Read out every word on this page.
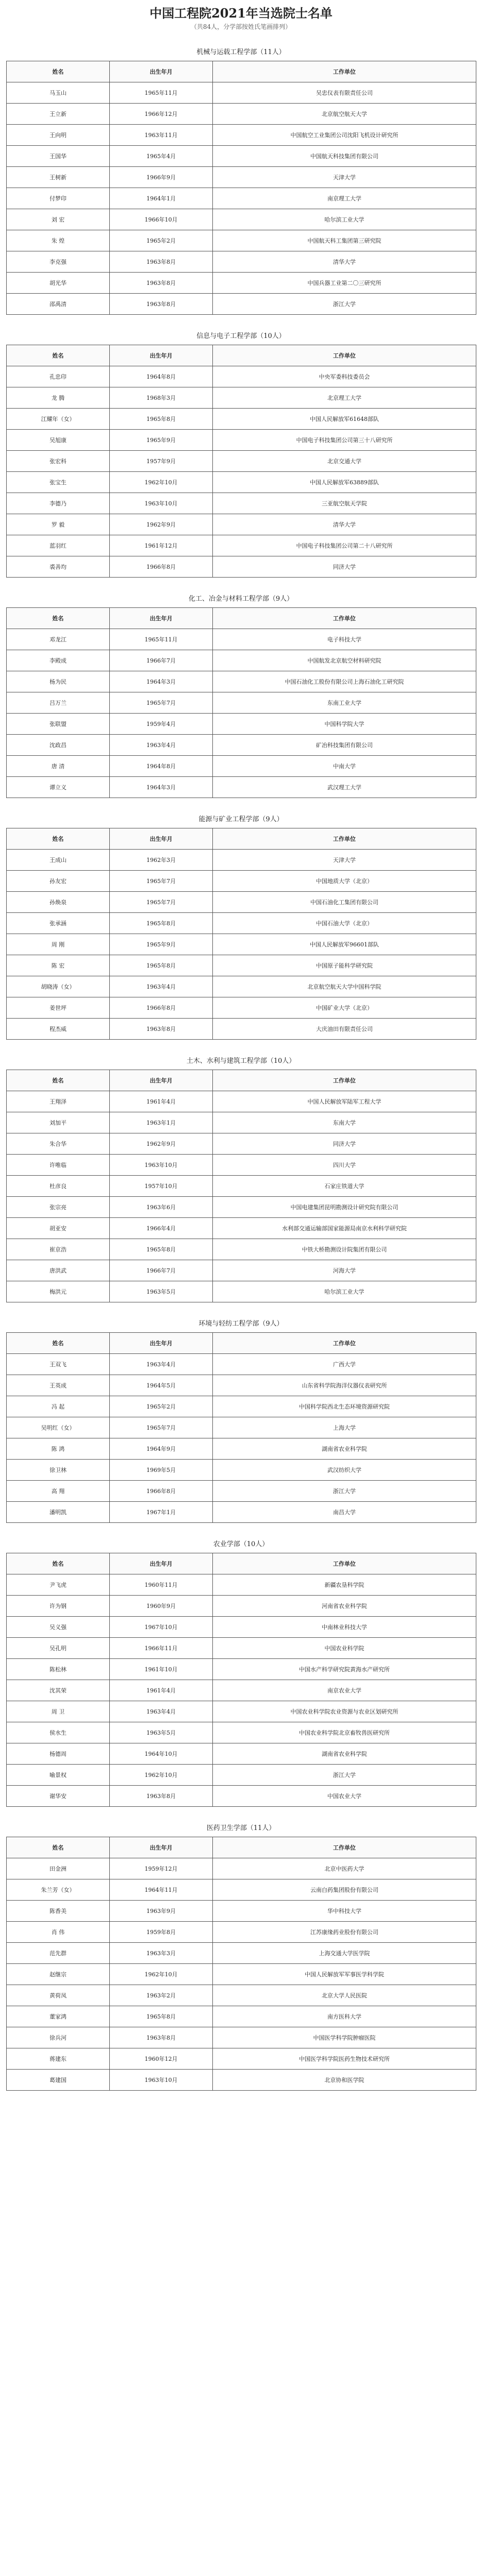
中国工程院2021年当选院士名单

（共84人，分学部按姓氏笔画排列）

机械与运载工程学部（11人）
姓名	出生年月	工作单位
马玉山	1965年11月	吴忠仪表有限责任公司
王立新	1966年12月	北京航空航天大学
王向明	1963年11月	中国航空工业集团公司沈阳飞机设计研究所
王国华	1965年4月	中国航天科技集团有限公司
王树新	1966年9月	天津大学
付梦印	1964年1月	南京理工大学
刘 宏	1966年10月	哈尔滨工业大学
朱 煌	1965年2月	中国航天科工集团第三研究院
李克强	1963年8月	清华大学
胡光华	1963年8月	中国兵器工业第二〇三研究所
邵禹清	1963年8月	浙江大学
信息与电子工程学部（10人）
姓名	出生年月	工作单位
孔忠印	1964年8月	中央军委科技委员会
龙 腾	1968年3月	北京理工大学
江耀年（女）	1965年8月	中国人民解放军61648部队
吴旭康	1965年9月	中国电子科技集团公司第三十八研究所
张宏科	1957年9月	北京交通大学
张宝生	1962年10月	中国人民解放军63889部队
李德乃	1963年10月	三亚航空航天学院
罗 毅	1962年9月	清华大学
蓝羽红	1961年12月	中国电子科技集团公司第二十八研究所
裘善均	1966年8月	同济大学
化工、冶金与材料工程学部（9人）
姓名	出生年月	工作单位
邓龙江	1965年11月	电子科技大学
李殿成	1966年7月	中国航发北京航空材料研究院
杨为民	1964年3月	中国石油化工股份有限公司上海石油化工研究院
吕万兰	1965年7月	东南工业大学
张联盟	1959年4月	中国科学院大学
沈政昌	1963年4月	矿冶科技集团有限公司
唐 清	1964年8月	中南大学
谭立义	1964年3月	武汉理工大学
能源与矿业工程学部（9人）
姓名	出生年月	工作单位
王成山	1962年3月	天津大学
孙友宏	1965年7月	中国地质大学（北京）
孙焕泉	1965年7月	中国石油化工集团有限公司
张承涵	1965年8月	中国石油大学（北京）
周 刚	1965年9月	中国人民解放军96601部队
陈 宏	1965年8月	中国原子能科学研究院
胡晓涛（女）	1963年4月	北京航空航天大学中国科学院
姜世坪	1966年8月	中国矿业大学（北京）
程杰威	1963年8月	大庆油田有限责任公司
土木、水利与建筑工程学部（10人）
姓名	出生年月	工作单位
王翔泽	1961年4月	中国人民解放军陆军工程大学
刘加平	1963年1月	东南大学
朱合华	1962年9月	同济大学
许唯临	1963年10月	四川大学
杜彦良	1957年10月	石家庄铁道大学
张宗亮	1963年6月	中国电建集团昆明勘测设计研究院有限公司
胡亚安	1966年4月	水利部交通运输部国家能源局南京水利科学研究院
崔京浩	1965年8月	中铁大桥勘测设计院集团有限公司
唐洪武	1966年7月	河海大学
梅洪元	1963年5月	哈尔滨工业大学
环境与轻纺工程学部（9人）
姓名	出生年月	工作单位
王双飞	1963年4月	广西大学
王英成	1964年5月	山东省科学院海洋仪器仪表研究所
冯 起	1965年2月	中国科学院西北生态环境资源研究院
吴明红（女）	1965年7月	上海大学
陈 鸿	1964年9月	湖南省农业科学院
徐卫林	1969年5月	武汉纺织大学
高 翔	1966年8月	浙江大学
潘明凯	1967年1月	南昌大学
农业学部（10人）
姓名	出生年月	工作单位
尹飞虎	1960年11月	新疆农垦科学院
许为钢	1960年9月	河南省农业科学院
吴义强	1967年10月	中南林业科技大学
吴孔明	1966年11月	中国农业科学院
陈松林	1961年10月	中国水产科学研究院黄海水产研究所
沈其荣	1961年4月	南京农业大学
周 卫	1963年4月	中国农业科学院农业资源与农业区划研究所
侯水生	1963年5月	中国农业科学院北京畜牧兽医研究所
杨德周	1964年10月	湖南省农业科学院
喻景权	1962年10月	浙江大学
谢华安	1963年8月	中国农业大学
医药卫生学部（11人）
姓名	出生年月	工作单位
田金洲	1959年12月	北京中医药大学
朱兰芳（女）	1964年11月	云南白药集团股份有限公司
陈香美	1963年9月	华中科技大学
肖 伟	1959年8月	江苏康缘药业股份有限公司
范先群	1963年3月	上海交通大学医学院
赵继宗	1962年10月	中国人民解放军军事医学科学院
黄荷凤	1963年2月	北京大学人民医院
董家鸿	1965年8月	南方医科大学
徐兵河	1963年8月	中国医学科学院肿瘤医院
蒋建东	1960年12月	中国医学科学院医药生物技术研究所
葛建国	1963年10月	北京协和医学院
